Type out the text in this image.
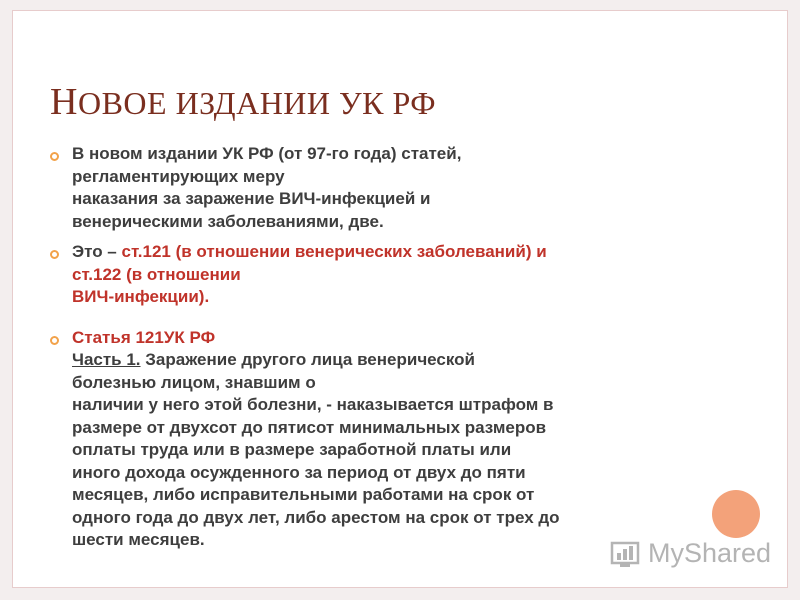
НОВОЕ ИЗДАНИИ УК РФ
В новом издании УК РФ (от 97-го года) статей,
регламентирующих меру
наказания за заражение ВИЧ-инфекцией и
венерическими заболеваниями, две.
Это – ст.121 (в отношении венерических заболеваний) и
ст.122 (в отношении
ВИЧ-инфекции).
Статья 121УК РФ
Часть 1. Заражение другого лица венерической
болезнью лицом, знавшим о
наличии у него этой болезни, - наказывается штрафом в
размере от двухсот до пятисот минимальных размеров
оплаты труда или в размере заработной платы или
иного дохода осужденного за период от двух до пяти
месяцев, либо исправительными работами на срок от
одного года до двух лет, либо арестом на срок от трех до
шести месяцев.	MyShared
